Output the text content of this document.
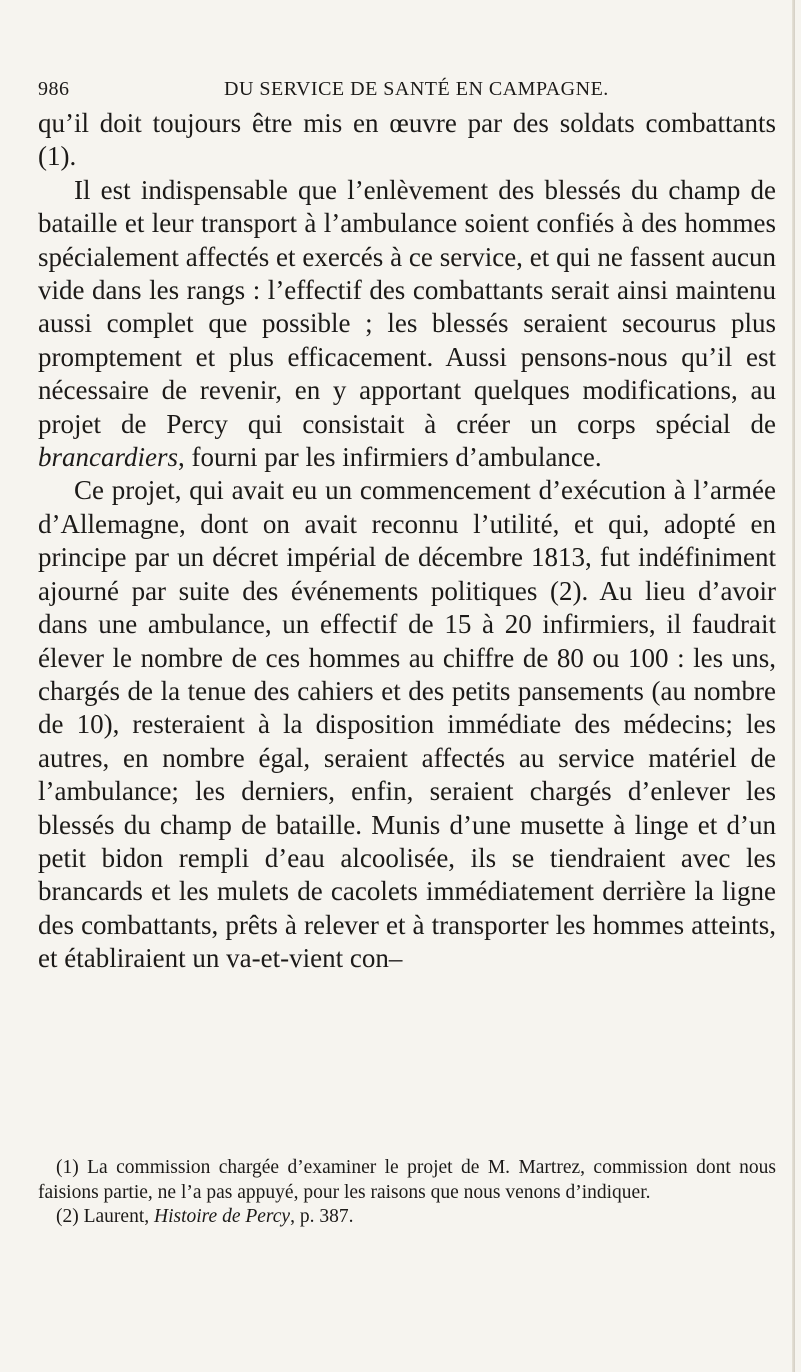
986	DU SERVICE DE SANTÉ EN CAMPAGNE.

qu’il doit toujours être mis en œuvre par des soldats combattants (1).

Il est indispensable que l’enlèvement des blessés du champ de bataille et leur transport à l’ambulance soient confiés à des hommes spécialement affectés et exercés à ce service, et qui ne fassent aucun vide dans les rangs : l’effectif des combattants serait ainsi maintenu aussi complet que possible ; les blessés seraient secourus plus promptement et plus efficacement. Aussi pensons-nous qu’il est nécessaire de revenir, en y apportant quelques modifications, au projet de Percy qui consistait à créer un corps spécial de brancardiers, fourni par les infirmiers d’ambulance.

Ce projet, qui avait eu un commencement d’exécution à l’armée d’Allemagne, dont on avait reconnu l’utilité, et qui, adopté en principe par un décret impérial de décembre 1813, fut indéfiniment ajourné par suite des événements politiques (2). Au lieu d’avoir dans une ambulance, un effectif de 15 à 20 infirmiers, il faudrait élever le nombre de ces hommes au chiffre de 80 ou 100 : les uns, chargés de la tenue des cahiers et des petits pansements (au nombre de 10), resteraient à la disposition immédiate des médecins; les autres, en nombre égal, seraient affectés au service matériel de l’ambulance; les derniers, enfin, seraient chargés d’enlever les blessés du champ de bataille. Munis d’une musette à linge et d’un petit bidon rempli d’eau alcoolisée, ils se tiendraient avec les brancards et les mulets de cacolets immédiatement derrière la ligne des combattants, prêts à relever et à transporter les hommes atteints, et établiraient un va-et-vient con–

(1) La commission chargée d’examiner le projet de M. Martrez, commission dont nous faisions partie, ne l’a pas appuyé, pour les raisons que nous venons d’indiquer.

(2) Laurent, Histoire de Percy, p. 387.
